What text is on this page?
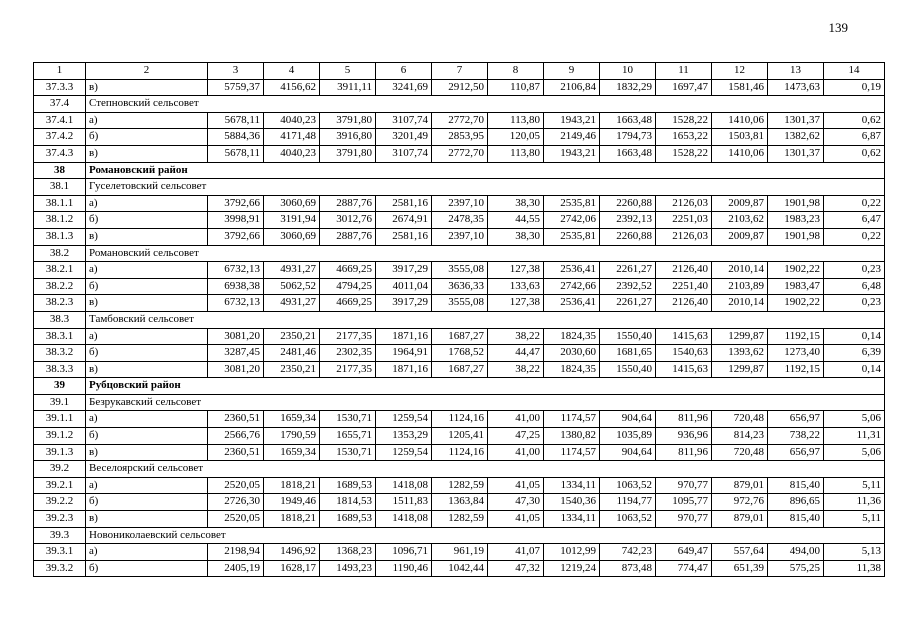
139
1	2	3	4	5	6	7	8	9	10	11	12	13	14
37.3.3	в)	5759,37	4156,62	3911,11	3241,69	2912,50	110,87	2106,84	1832,29	1697,47	1581,46	1473,63	0,19
37.4	Степновский сельсовет												
37.4.1	а)	5678,11	4040,23	3791,80	3107,74	2772,70	113,80	1943,21	1663,48	1528,22	1410,06	1301,37	0,62
37.4.2	б)	5884,36	4171,48	3916,80	3201,49	2853,95	120,05	2149,46	1794,73	1653,22	1503,81	1382,62	6,87
37.4.3	в)	5678,11	4040,23	3791,80	3107,74	2772,70	113,80	1943,21	1663,48	1528,22	1410,06	1301,37	0,62
38	Романовский район												
38.1	Гуселетовский сельсовет												
38.1.1	а)	3792,66	3060,69	2887,76	2581,16	2397,10	38,30	2535,81	2260,88	2126,03	2009,87	1901,98	0,22
38.1.2	б)	3998,91	3191,94	3012,76	2674,91	2478,35	44,55	2742,06	2392,13	2251,03	2103,62	1983,23	6,47
38.1.3	в)	3792,66	3060,69	2887,76	2581,16	2397,10	38,30	2535,81	2260,88	2126,03	2009,87	1901,98	0,22
38.2	Романовский сельсовет												
38.2.1	а)	6732,13	4931,27	4669,25	3917,29	3555,08	127,38	2536,41	2261,27	2126,40	2010,14	1902,22	0,23
38.2.2	б)	6938,38	5062,52	4794,25	4011,04	3636,33	133,63	2742,66	2392,52	2251,40	2103,89	1983,47	6,48
38.2.3	в)	6732,13	4931,27	4669,25	3917,29	3555,08	127,38	2536,41	2261,27	2126,40	2010,14	1902,22	0,23
38.3	Тамбовский сельсовет												
38.3.1	а)	3081,20	2350,21	2177,35	1871,16	1687,27	38,22	1824,35	1550,40	1415,63	1299,87	1192,15	0,14
38.3.2	б)	3287,45	2481,46	2302,35	1964,91	1768,52	44,47	2030,60	1681,65	1540,63	1393,62	1273,40	6,39
38.3.3	в)	3081,20	2350,21	2177,35	1871,16	1687,27	38,22	1824,35	1550,40	1415,63	1299,87	1192,15	0,14
39	Рубцовский район												
39.1	Безрукавский сельсовет												
39.1.1	а)	2360,51	1659,34	1530,71	1259,54	1124,16	41,00	1174,57	904,64	811,96	720,48	656,97	5,06
39.1.2	б)	2566,76	1790,59	1655,71	1353,29	1205,41	47,25	1380,82	1035,89	936,96	814,23	738,22	11,31
39.1.3	в)	2360,51	1659,34	1530,71	1259,54	1124,16	41,00	1174,57	904,64	811,96	720,48	656,97	5,06
39.2	Веселоярский сельсовет												
39.2.1	а)	2520,05	1818,21	1689,53	1418,08	1282,59	41,05	1334,11	1063,52	970,77	879,01	815,40	5,11
39.2.2	б)	2726,30	1949,46	1814,53	1511,83	1363,84	47,30	1540,36	1194,77	1095,77	972,76	896,65	11,36
39.2.3	в)	2520,05	1818,21	1689,53	1418,08	1282,59	41,05	1334,11	1063,52	970,77	879,01	815,40	5,11
39.3	Новониколаевский сельсовет												
39.3.1	а)	2198,94	1496,92	1368,23	1096,71	961,19	41,07	1012,99	742,23	649,47	557,64	494,00	5,13
39.3.2	б)	2405,19	1628,17	1493,23	1190,46	1042,44	47,32	1219,24	873,48	774,47	651,39	575,25	11,38
